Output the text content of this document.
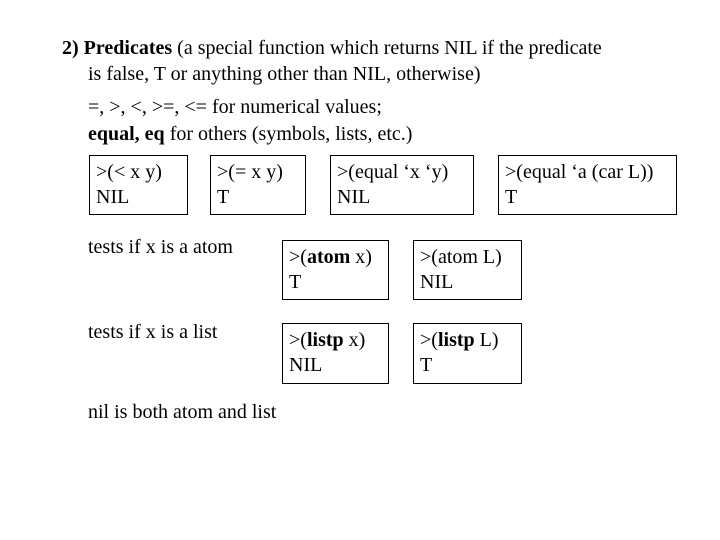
2) Predicates (a special function which returns NIL if the predicate
is false, T or anything other than NIL, otherwise)
=, >, <, >=, <= for numerical values;
equal, eq for others (symbols, lists, etc.)
>(< x y)
NIL
>(= x y)
T
>(equal ‘x ‘y)
NIL
>(equal ‘a (car L))
T
tests if x is a atom	>(atom x)
T
>(atom L)
NIL
tests if x is a list	>(listp x)
NIL
>(listp L)
T
nil is both atom and list
